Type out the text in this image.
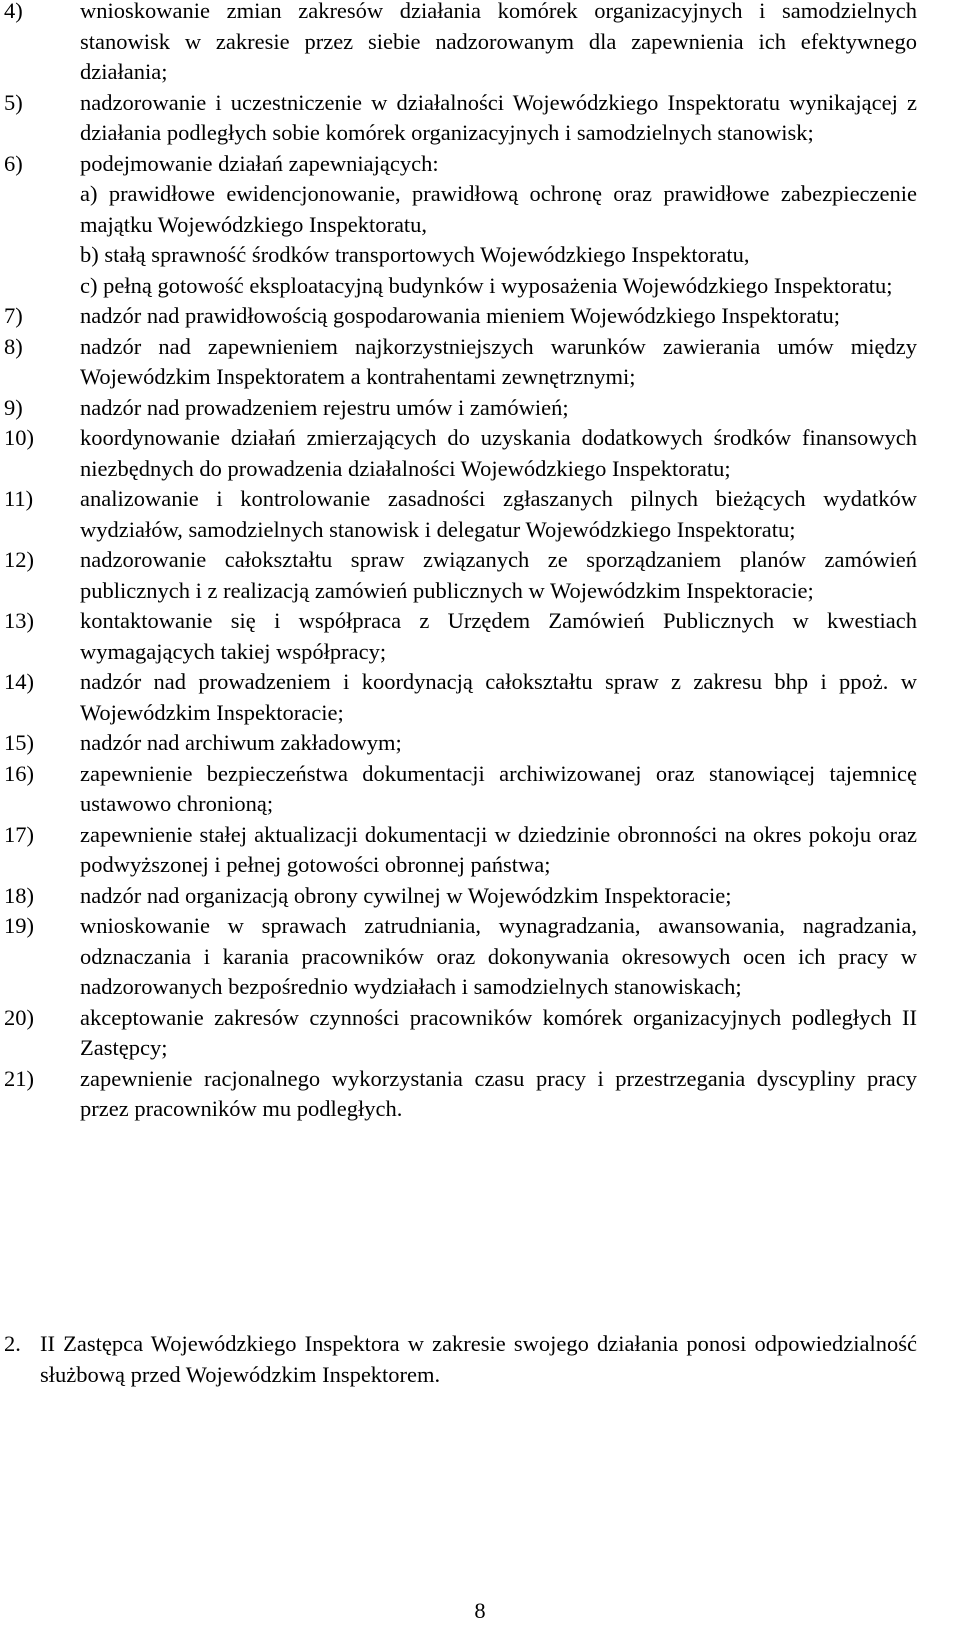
4)	wnioskowanie zmian zakresów działania komórek organizacyjnych i samodzielnych stanowisk w zakresie przez siebie nadzorowanym dla zapewnienia ich efektywnego działania;
5)	nadzorowanie i uczestniczenie w działalności Wojewódzkiego Inspektoratu wynikającej z działania podległych sobie komórek organizacyjnych i samodzielnych stanowisk;
6)	podejmowanie działań zapewniających:
a) prawidłowe ewidencjonowanie, prawidłową ochronę oraz prawidłowe zabezpieczenie majątku Wojewódzkiego Inspektoratu,
b) stałą sprawność środków transportowych Wojewódzkiego Inspektoratu,
c) pełną gotowość eksploatacyjną budynków i wyposażenia Wojewódzkiego Inspektoratu;
7)	nadzór nad prawidłowością gospodarowania mieniem Wojewódzkiego Inspektoratu;
8)	nadzór nad zapewnieniem najkorzystniejszych warunków zawierania umów między Wojewódzkim Inspektoratem a kontrahentami zewnętrznymi;
9)	nadzór nad prowadzeniem rejestru umów i zamówień;
10) koordynowanie działań zmierzających do uzyskania dodatkowych środków finansowych niezbędnych do prowadzenia działalności Wojewódzkiego Inspektoratu;
11) analizowanie i kontrolowanie zasadności zgłaszanych pilnych bieżących wydatków wydziałów, samodzielnych stanowisk i delegatur Wojewódzkiego Inspektoratu;
12) nadzorowanie całokształtu spraw związanych ze sporządzaniem planów zamówień publicznych i z realizacją zamówień publicznych w Wojewódzkim Inspektoracie;
13) kontaktowanie się i współpraca z Urzędem Zamówień Publicznych w kwestiach wymagających takiej współpracy;
14) nadzór nad prowadzeniem i koordynacją całokształtu spraw z zakresu bhp i ppoż. w Wojewódzkim Inspektoracie;
15) nadzór nad archiwum zakładowym;
16) zapewnienie bezpieczeństwa dokumentacji archiwizowanej oraz stanowiącej tajemnicę ustawowo chronioną;
17) zapewnienie stałej aktualizacji dokumentacji w dziedzinie obronności na okres pokoju oraz podwyższonej i pełnej gotowości obronnej państwa;
18) nadzór nad organizacją obrony cywilnej w Wojewódzkim Inspektoracie;
19) wnioskowanie w sprawach zatrudniania, wynagradzania, awansowania, nagradzania, odznaczania i karania pracowników oraz dokonywania okresowych ocen ich pracy w nadzorowanych bezpośrednio wydziałach i samodzielnych stanowiskach;
20) akceptowanie zakresów czynności pracowników komórek organizacyjnych podległych II Zastępcy;
21) zapewnienie racjonalnego wykorzystania czasu pracy i przestrzegania dyscypliny pracy przez pracowników mu podległych.
2. II Zastępca Wojewódzkiego Inspektora w zakresie swojego działania ponosi odpowiedzialność służbową przed Wojewódzkim Inspektorem.
8
